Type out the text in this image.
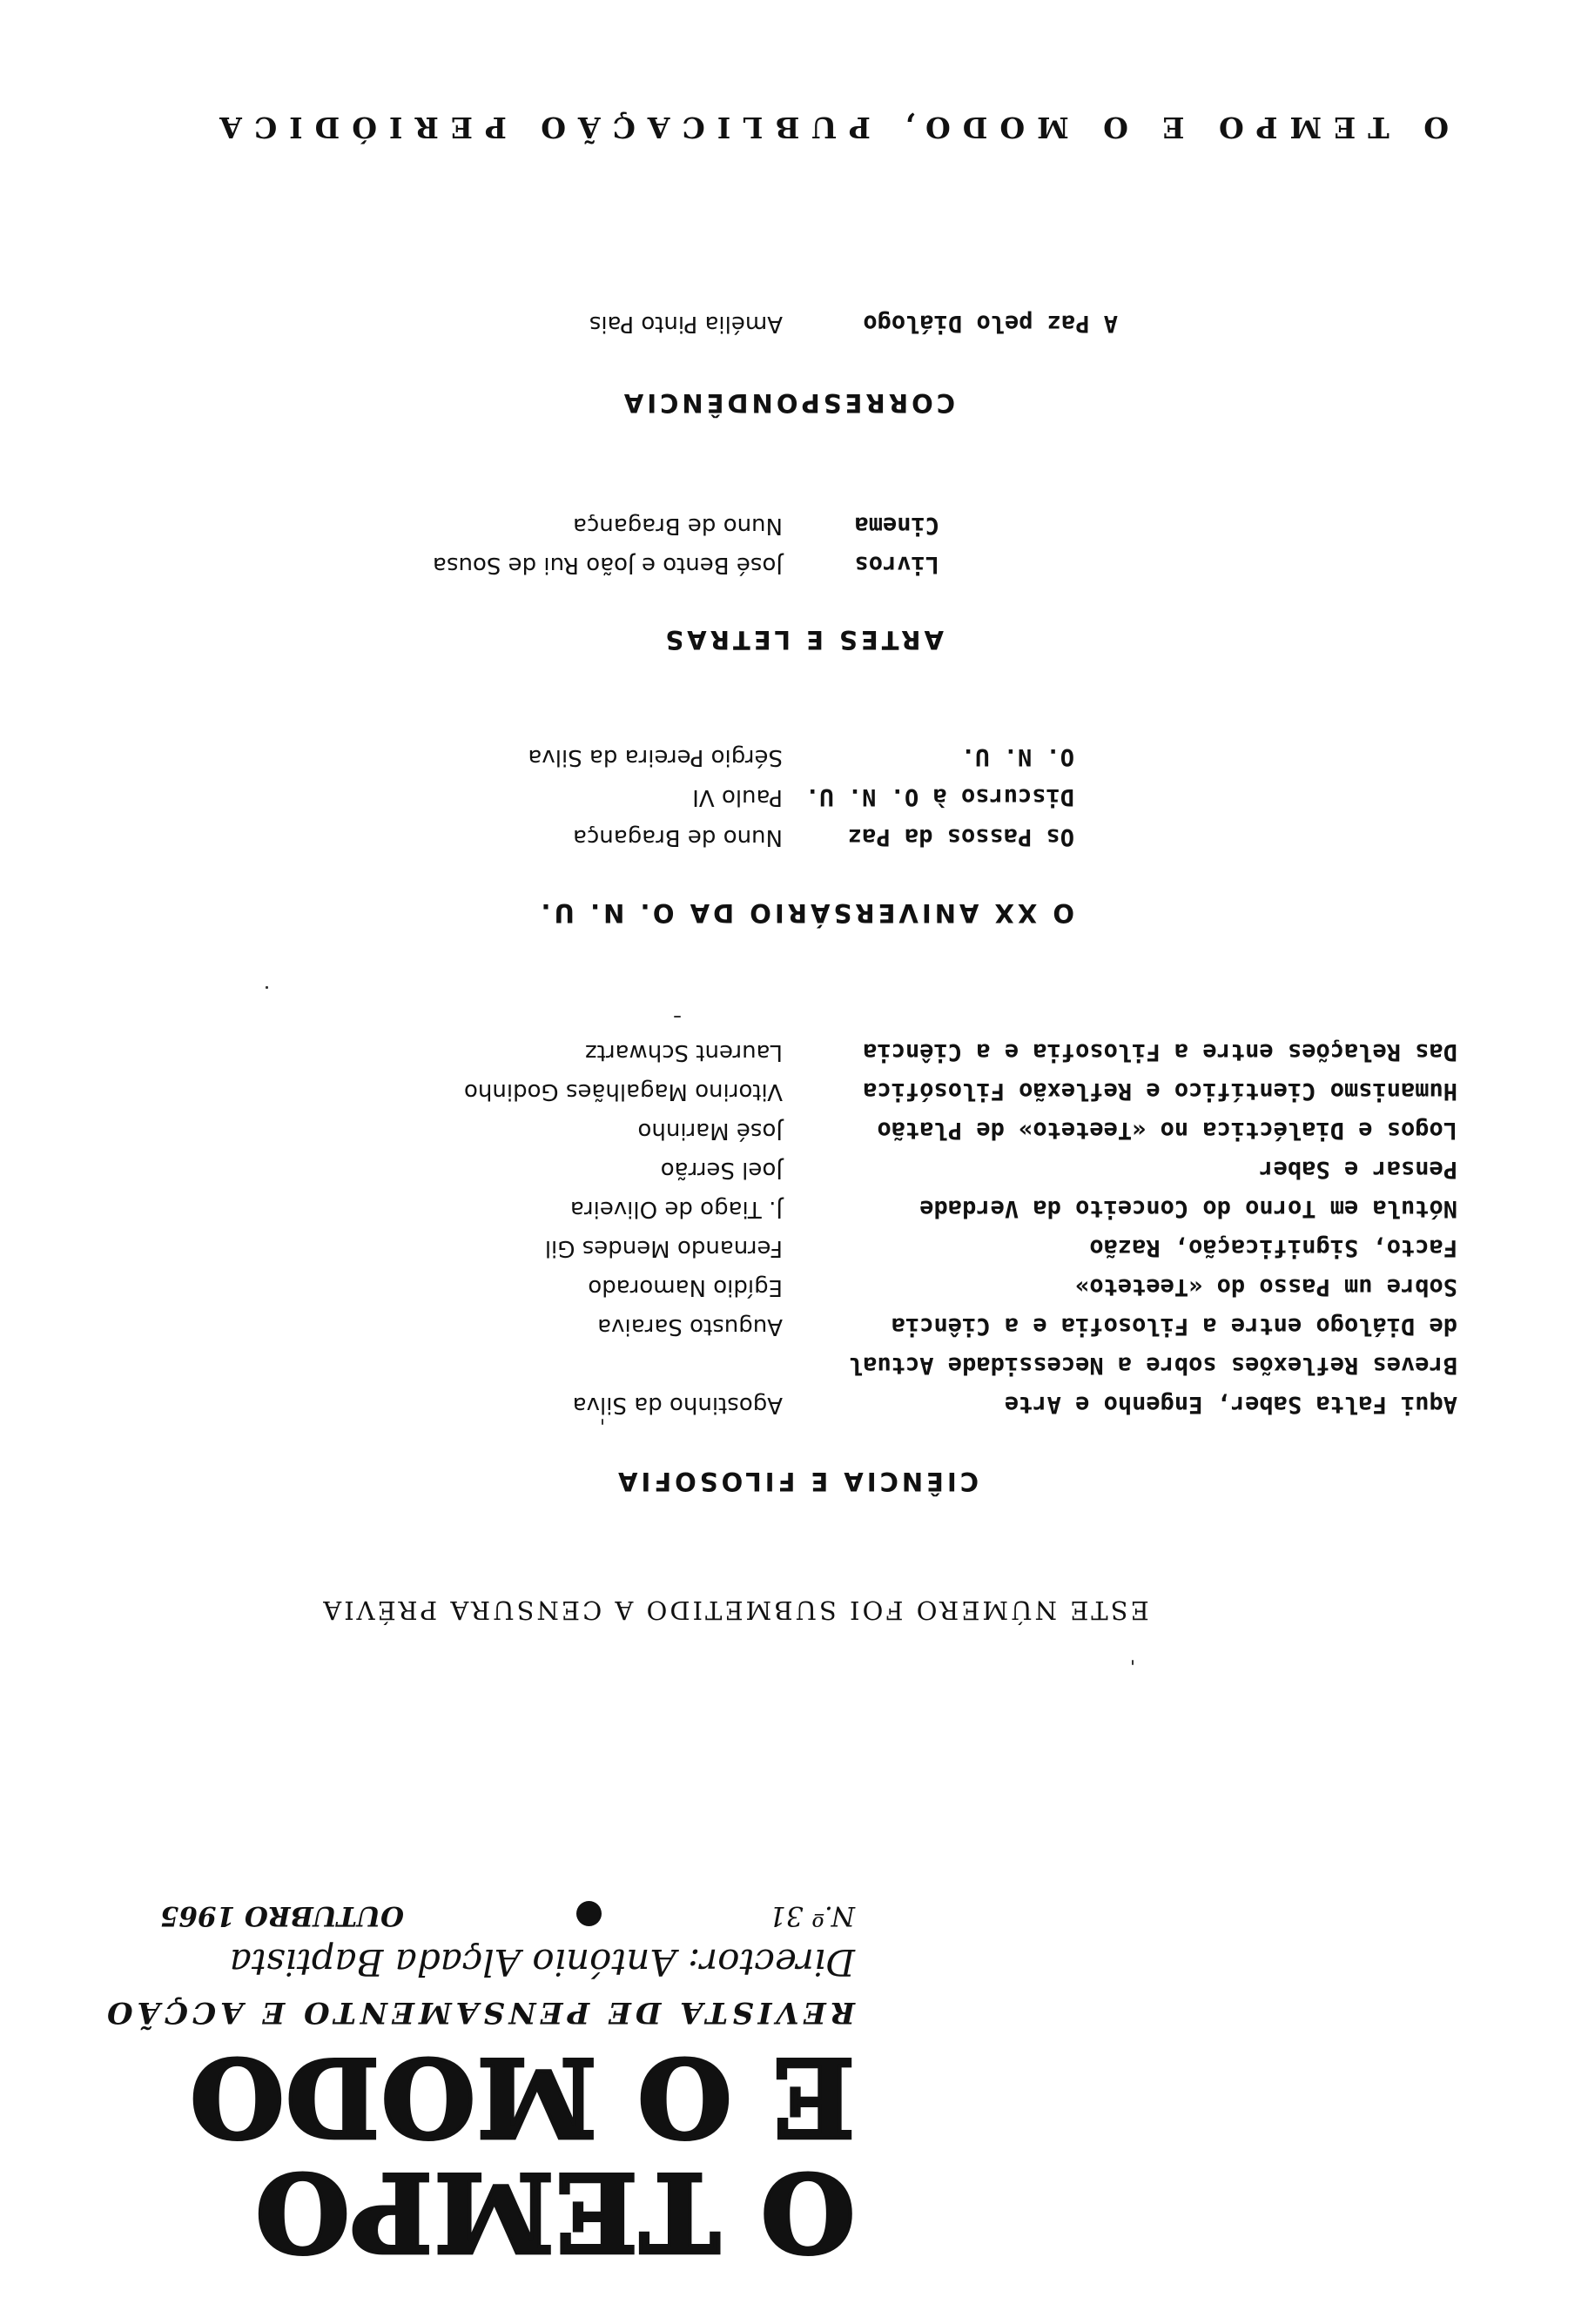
O TEMPO
E O MODO
REVISTA DE PENSAMENTO E ACÇÃO
Director: António Alçada Baptista
N.º 31
OUTUBRO 1965
ESTE NÚMERO FOI SUBMETIDO A CENSURA PRÉVIA
CIÊNCIA E FILOSOFIA
Aqui Falta Saber, Engenho e Arte
Agostinho da Silva
Breves Reflexões sobre a Necessidade Actual
de Diálogo entre a Filosofia e a Ciência
Augusto Saraiva
Sobre um Passo do «Teeteto»
Egídio Namorado
Facto, Significação, Razão
Fernando Mendes Gil
Nótula em Torno do Conceito da Verdade
J. Tiago de Oliveira
Pensar e Saber
Joel Serrão
Logos e Dialéctica no «Teeteto» de Platão
José Marinho
Humanismo Científico e Reflexão Filosófica
Vitorino Magalhães Godinho
Das Relações entre a Filosofia e a Ciência
Laurent Schwartz
O XX ANIVERSÁRIO DA O. N. U.
Os Passos da Paz
Nuno de Bragança
Discurso à O. N. U.
Paulo VI
O. N. U.
Sérgio Pereira da Silva
ARTES E LETRAS
Livros
José Bento e João Rui de Sousa
Cinema
Nuno de Bragança
CORRESPONDÊNCIA
A Paz pelo Diálogo
Amélia Pinto Pais
O TEMPO E O MODO, PUBLICAÇÃO PERIÓDICA
